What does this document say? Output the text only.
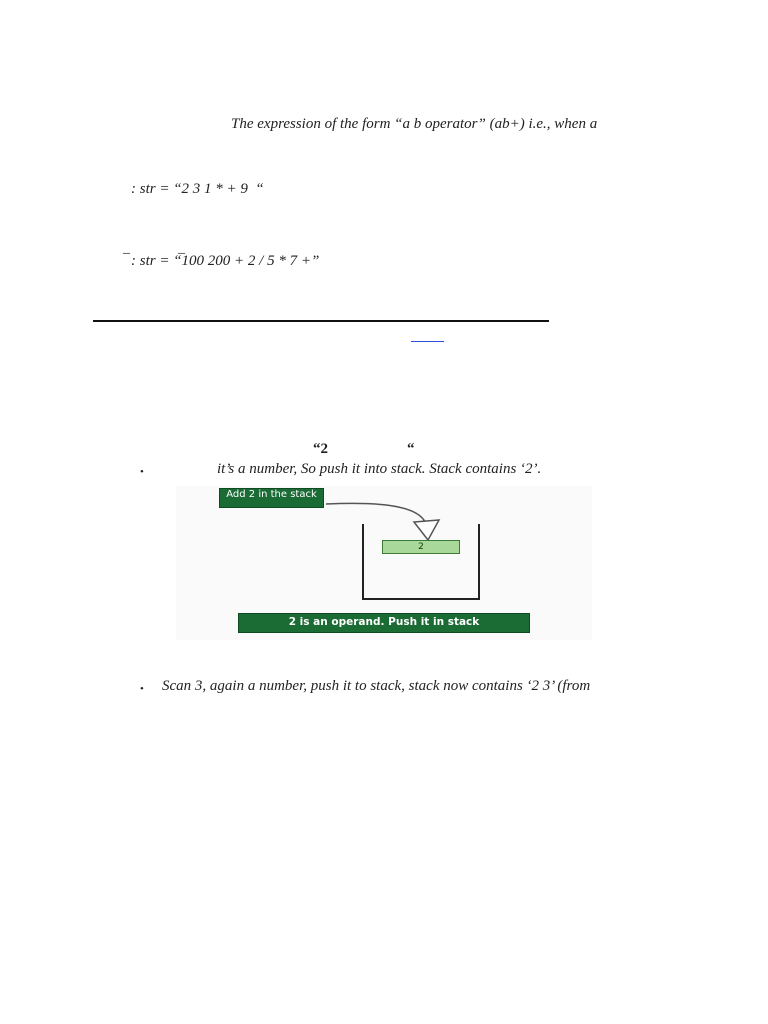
The expression of the form “a b operator” (ab+) i.e., when a
: str = “2 3 1 * + 9  “
_	_
: str = “100 200 + 2 / 5 * 7 +”
“2	“
•	it’s a number, So push it into stack. Stack contains ‘2’.
Add 2 in the stack
2
2 is an operand. Push it in stack
• Scan 3, again a number, push it to stack, stack now contains ‘2 3’ (from
